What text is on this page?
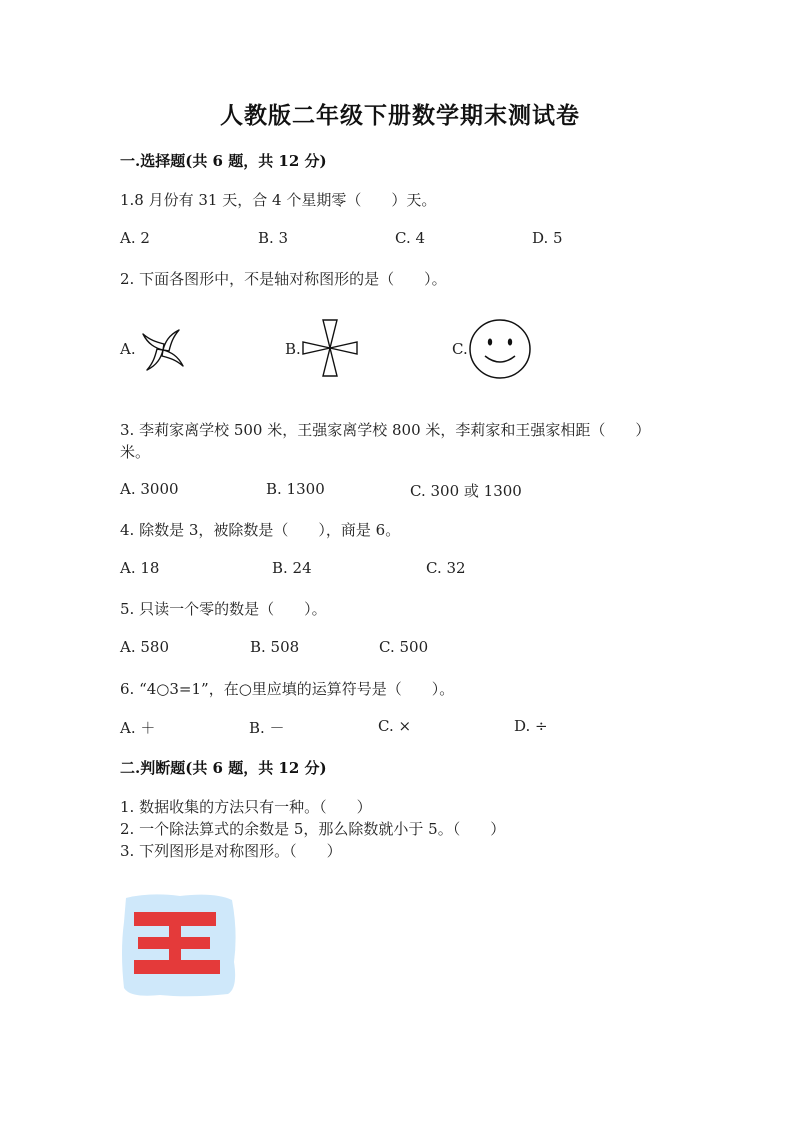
人教版二年级下册数学期末测试卷
一.选择题(共 6 题，共 12 分)
1.8 月份有 31 天，合 4 个星期零（　　）天。
A. 2	B. 3	C. 4	D. 5
2. 下面各图形中，不是轴对称图形的是（　　）。
A.	B.	C.
3. 李莉家离学校 500 米，王强家离学校 800 米，李莉家和王强家相距（　　）
米。
A. 3000	B. 1300	C. 300 或 1300
4. 除数是 3，被除数是（　　），商是 6。
A. 18	B. 24	C. 32
5. 只读一个零的数是（　　）。
A. 580	B. 508	C. 500
6. “4○3=1”，在○里应填的运算符号是（　　）。
A. ＋	B. －	C. ×	D. ÷
二.判断题(共 6 题，共 12 分)
1. 数据收集的方法只有一种。（　　）
2. 一个除法算式的余数是 5，那么除数就小于 5。（　　）
3. 下列图形是对称图形。（　　）
